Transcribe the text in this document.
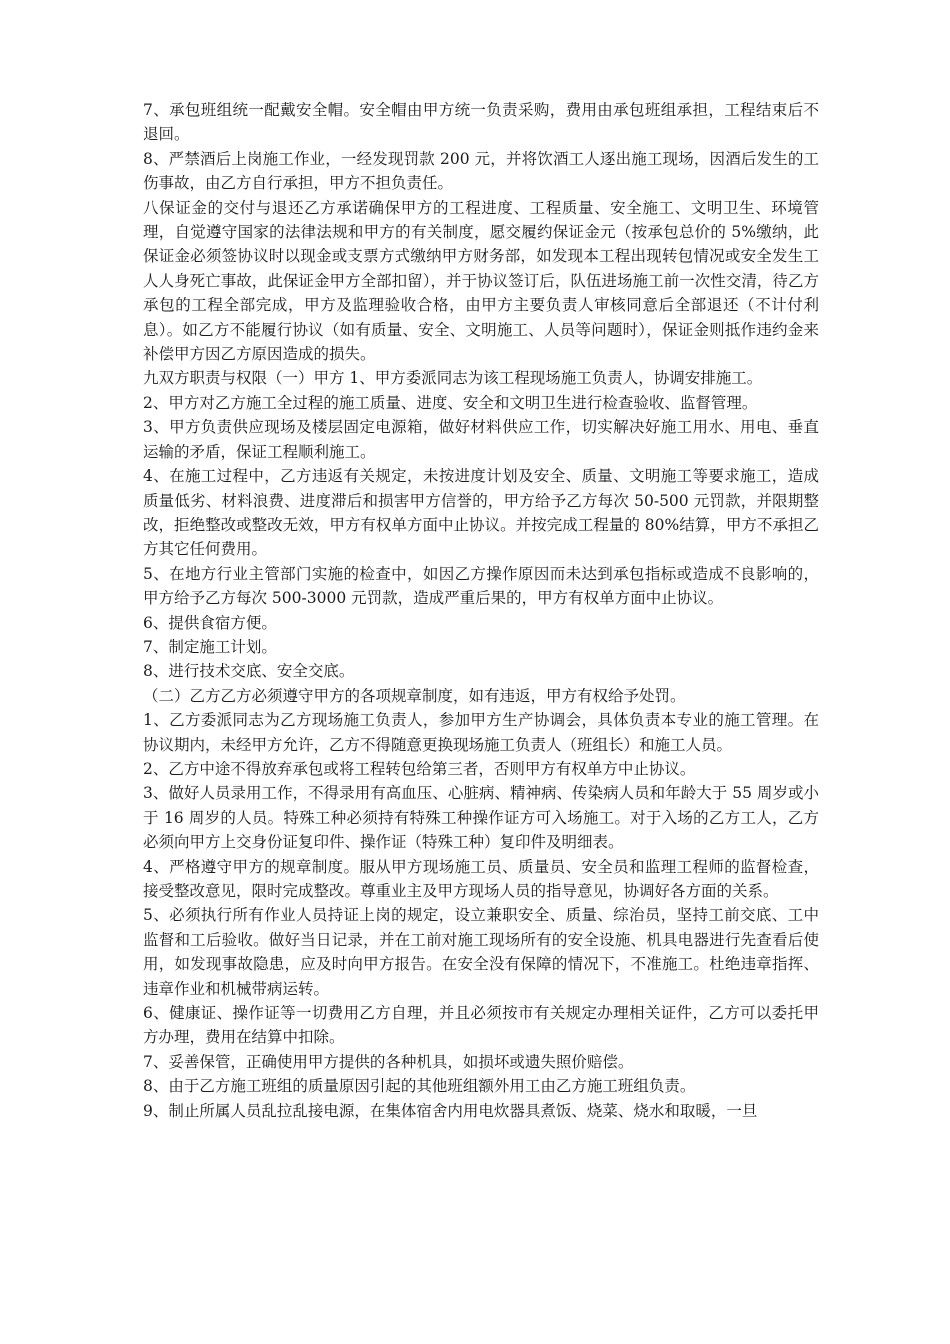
7、承包班组统一配戴安全帽。安全帽由甲方统一负责采购，费用由承包班组承担，工程结束后不退回。

8、严禁酒后上岗施工作业，一经发现罚款 200 元，并将饮酒工人逐出施工现场，因酒后发生的工伤事故，由乙方自行承担，甲方不担负责任。

八保证金的交付与退还乙方承诺确保甲方的工程进度、工程质量、安全施工、文明卫生、环境管理，自觉遵守国家的法律法规和甲方的有关制度，愿交履约保证金元（按承包总价的 5%缴纳，此保证金必须签协议时以现金或支票方式缴纳甲方财务部，如发现本工程出现转包情况或安全发生工人人身死亡事故，此保证金甲方全部扣留），并于协议签订后，队伍进场施工前一次性交清，待乙方承包的工程全部完成，甲方及监理验收合格，由甲方主要负责人审核同意后全部退还（不计付利息）。如乙方不能履行协议（如有质量、安全、文明施工、人员等问题时），保证金则抵作违约金来补偿甲方因乙方原因造成的损失。

九双方职责与权限（一）甲方 1、甲方委派同志为该工程现场施工负责人，协调安排施工。

2、甲方对乙方施工全过程的施工质量、进度、安全和文明卫生进行检查验收、监督管理。

3、甲方负责供应现场及楼层固定电源箱，做好材料供应工作，切实解决好施工用水、用电、垂直运输的矛盾，保证工程顺利施工。

4、在施工过程中，乙方违返有关规定，未按进度计划及安全、质量、文明施工等要求施工，造成质量低劣、材料浪费、进度滞后和损害甲方信誉的，甲方给予乙方每次 50-500 元罚款，并限期整改，拒绝整改或整改无效，甲方有权单方面中止协议。并按完成工程量的 80%结算，甲方不承担乙方其它任何费用。

5、在地方行业主管部门实施的检查中，如因乙方操作原因而未达到承包指标或造成不良影响的，甲方给予乙方每次 500-3000 元罚款，造成严重后果的，甲方有权单方面中止协议。

6、提供食宿方便。

7、制定施工计划。

8、进行技术交底、安全交底。

（二）乙方乙方必须遵守甲方的各项规章制度，如有违返，甲方有权给予处罚。

1、乙方委派同志为乙方现场施工负责人，参加甲方生产协调会，具体负责本专业的施工管理。在协议期内，未经甲方允许，乙方不得随意更换现场施工负责人（班组长）和施工人员。

2、乙方中途不得放弃承包或将工程转包给第三者，否则甲方有权单方中止协议。

3、做好人员录用工作，不得录用有高血压、心脏病、精神病、传染病人员和年龄大于 55 周岁或小于 16 周岁的人员。特殊工种必须持有特殊工种操作证方可入场施工。对于入场的乙方工人，乙方必须向甲方上交身份证复印件、操作证（特殊工种）复印件及明细表。

4、严格遵守甲方的规章制度。服从甲方现场施工员、质量员、安全员和监理工程师的监督检查，接受整改意见，限时完成整改。尊重业主及甲方现场人员的指导意见，协调好各方面的关系。

5、必须执行所有作业人员持证上岗的规定，设立兼职安全、质量、综治员，坚持工前交底、工中监督和工后验收。做好当日记录，并在工前对施工现场所有的安全设施、机具电器进行先查看后使用，如发现事故隐患，应及时向甲方报告。在安全没有保障的情况下，不准施工。杜绝违章指挥、违章作业和机械带病运转。

6、健康证、操作证等一切费用乙方自理，并且必须按市有关规定办理相关证件，乙方可以委托甲方办理，费用在结算中扣除。

7、妥善保管，正确使用甲方提供的各种机具，如损坏或遗失照价赔偿。

8、由于乙方施工班组的质量原因引起的其他班组额外用工由乙方施工班组负责。

9、制止所属人员乱拉乱接电源，在集体宿舍内用电炊器具煮饭、烧菜、烧水和取暖，一旦
